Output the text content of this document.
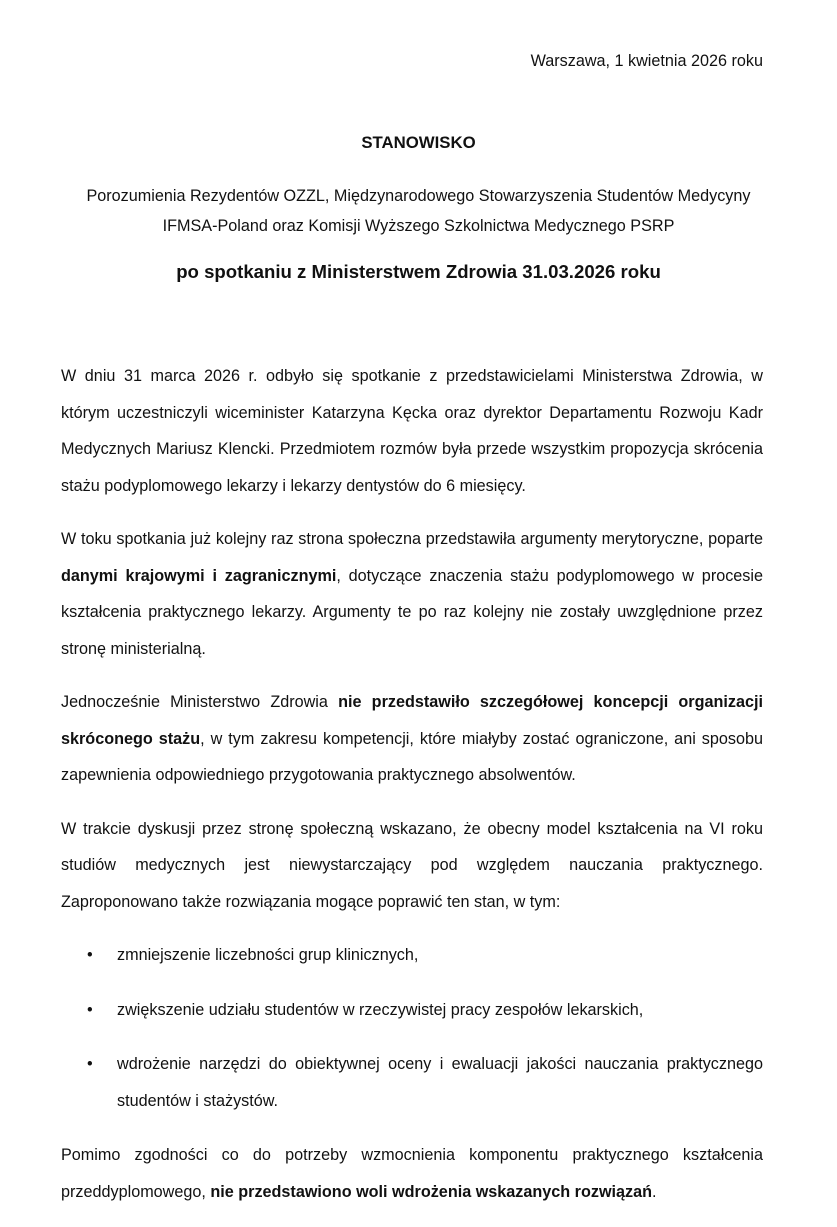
Warszawa, 1 kwietnia 2026 roku
STANOWISKO
Porozumienia Rezydentów OZZL, Międzynarodowego Stowarzyszenia Studentów Medycyny
IFMSA-Poland oraz Komisji Wyższego Szkolnictwa Medycznego PSRP
po spotkaniu z Ministerstwem Zdrowia 31.03.2026 roku

W dniu 31 marca 2026 r. odbyło się spotkanie z przedstawicielami Ministerstwa Zdrowia, w którym uczestniczyli wiceminister Katarzyna Kęcka oraz dyrektor Departamentu Rozwoju Kadr Medycznych Mariusz Klencki. Przedmiotem rozmów była przede wszystkim propozycja skrócenia stażu podyplomowego lekarzy i lekarzy dentystów do 6 miesięcy.

W toku spotkania już kolejny raz strona społeczna przedstawiła argumenty merytoryczne, poparte danymi krajowymi i zagranicznymi, dotyczące znaczenia stażu podyplomowego w procesie kształcenia praktycznego lekarzy. Argumenty te po raz kolejny nie zostały uwzględnione przez stronę ministerialną.

Jednocześnie Ministerstwo Zdrowia nie przedstawiło szczegółowej koncepcji organizacji skróconego stażu, w tym zakresu kompetencji, które miałyby zostać ograniczone, ani sposobu zapewnienia odpowiedniego przygotowania praktycznego absolwentów.

W trakcie dyskusji przez stronę społeczną wskazano, że obecny model kształcenia na VI roku studiów medycznych jest niewystarczający pod względem nauczania praktycznego. Zaproponowano także rozwiązania mogące poprawić ten stan, w tym:

• zmniejszenie liczebności grup klinicznych,
• zwiększenie udziału studentów w rzeczywistej pracy zespołów lekarskich,
• wdrożenie narzędzi do obiektywnej oceny i ewaluacji jakości nauczania praktycznego studentów i stażystów.

Pomimo zgodności co do potrzeby wzmocnienia komponentu praktycznego kształcenia przeddyplomowego, nie przedstawiono woli wdrożenia wskazanych rozwiązań.
